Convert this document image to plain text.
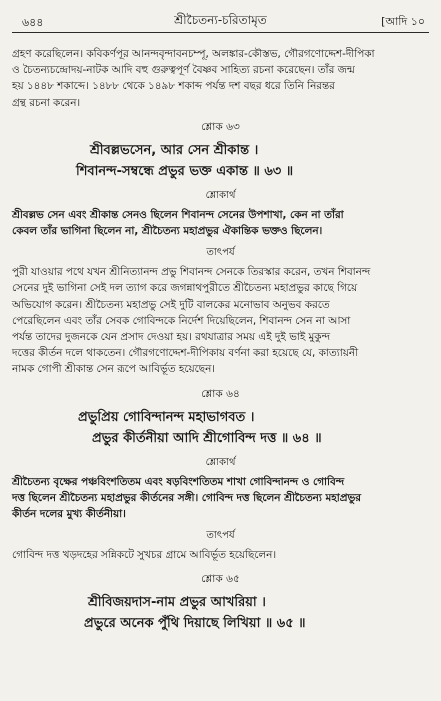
৬৪৪	শ্রীচৈতন্য-চরিতামৃত	[আদি ১০

গ্রহণ করেছিলেন। কবিকর্ণপূর আনন্দবৃন্দাবনচম্পূ, অলঙ্কার-কৌস্তভ, গৌরগণোদ্দেশ-দীপিকা

ও চৈতন্যচন্দ্রোদয়-নাটক আদি বহু গুরুত্বপূর্ণ বৈষ্ণব সাহিত্য রচনা করেছেন। তাঁর জন্ম

হয় ১৪৪৮ শকাব্দে। ১৪৮৮ থেকে ১৪৯৮ শকাব্দ পর্যন্ত দশ বছর ধরে তিনি নিরন্তর

গ্রন্থ রচনা করেন।

শ্লোক ৬৩

শ্রীবল্লভসেন, আর সেন শ্রীকান্ত ।

শিবানন্দ-সম্বন্ধে প্রভুর ভক্ত একান্ত ॥ ৬৩ ॥

শ্লোকার্থ

শ্রীবল্লভ সেন এবং শ্রীকান্ত সেনও ছিলেন শিবানন্দ সেনের উপশাখা, কেন না তাঁরা

কেবল তাঁর ভাগিনা ছিলেন না, শ্রীচৈতন্য মহাপ্রভুর ঐকান্তিক ভক্তও ছিলেন।

তাৎপর্য

পুরী যাওয়ার পথে যখন শ্রীনিত্যানন্দ প্রভু শিবানন্দ সেনকে তিরস্কার করেন, তখন শিবানন্দ

সেনের দুই ভাগিনা সেই দল ত্যাগ করে জগন্নাথপুরীতে শ্রীচৈতন্য মহাপ্রভুর কাছে গিয়ে

অভিযোগ করেন। শ্রীচৈতন্য মহাপ্রভু সেই দুটি বালকের মনোভাব অনুভব করতে

পেরেছিলেন এবং তাঁর সেবক গোবিন্দকে নির্দেশ দিয়েছিলেন, শিবানন্দ সেন না আসা

পর্যন্ত তাদের দুজনকে যেন প্রসাদ দেওয়া হয়। রথযাত্রার সময় এই দুই ভাই মুকুন্দ

দত্তের কীর্তন দলে থাকতেন। গৌরগণোদ্দেশ-দীপিকায় বর্ণনা করা হয়েছে যে, কাত্যায়নী

নামক গোপী শ্রীকান্ত সেন রূপে আবির্ভূত হয়েছেন।

শ্লোক ৬৪

প্রভুপ্রিয় গোবিন্দানন্দ মহাভাগবত ।

প্রভুর কীর্তনীয়া আদি শ্রীগোবিন্দ দত্ত ॥ ৬৪ ॥

শ্লোকার্থ

শ্রীচৈতন্য বৃক্ষের পঞ্চবিংশতিতম এবং ষড়বিংশতিতম শাখা গোবিন্দানন্দ ও গোবিন্দ

দত্ত ছিলেন শ্রীচৈতন্য মহাপ্রভুর কীর্তনের সঙ্গী। গোবিন্দ দত্ত ছিলেন শ্রীচৈতন্য মহাপ্রভুর

কীর্তন দলের মুখ্য কীর্তনীয়া।

তাৎপর্য

গোবিন্দ দত্ত খড়দহের সন্নিকটে সুখচর গ্রামে আবির্ভূত হয়েছিলেন।

শ্লোক ৬৫

শ্রীবিজয়দাস-নাম প্রভুর আখরিয়া ।

প্রভুরে অনেক পুঁথি দিয়াছে লিখিয়া ॥ ৬৫ ॥
